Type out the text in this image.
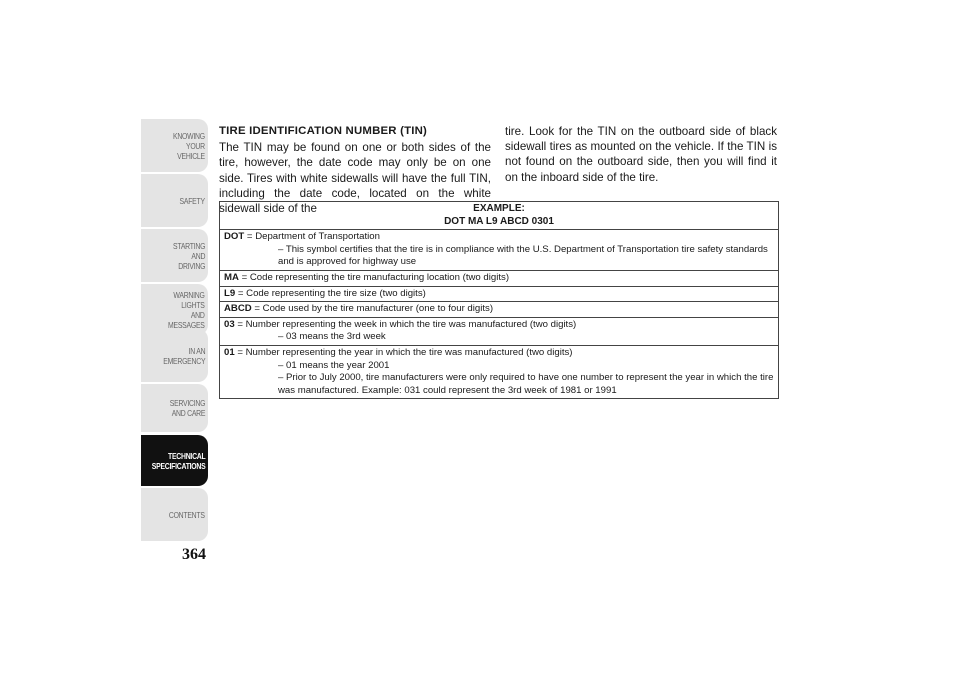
KNOWING
YOUR
VEHICLE
SAFETY
STARTING
AND
DRIVING
WARNING
LIGHTS
AND
MESSAGES
IN AN
EMERGENCY
SERVICING
AND CARE
TECHNICAL
SPECIFICATIONS
CONTENTS
364
TIRE IDENTIFICATION NUMBER (TIN)
The TIN may be found on one or both sides of the tire, however, the date code may only be on one side. Tires with white sidewalls will have the full TIN, including the date code, located on the white sidewall side of the
tire. Look for the TIN on the outboard side of black sidewall tires as mounted on the vehicle. If the TIN is not found on the outboard side, then you will find it on the inboard side of the tire.
EXAMPLE:
DOT MA L9 ABCD 0301
DOT = Department of Transportation
– This symbol certifies that the tire is in compliance with the U.S. Department of Transportation tire safety standards and is approved for highway use
MA = Code representing the tire manufacturing location (two digits)
L9 = Code representing the tire size (two digits)
ABCD = Code used by the tire manufacturer (one to four digits)
03 = Number representing the week in which the tire was manufactured (two digits)
– 03 means the 3rd week
01 = Number representing the year in which the tire was manufactured (two digits)
– 01 means the year 2001
– Prior to July 2000, tire manufacturers were only required to have one number to represent the year in which the tire was manufactured. Example: 031 could represent the 3rd week of 1981 or 1991
